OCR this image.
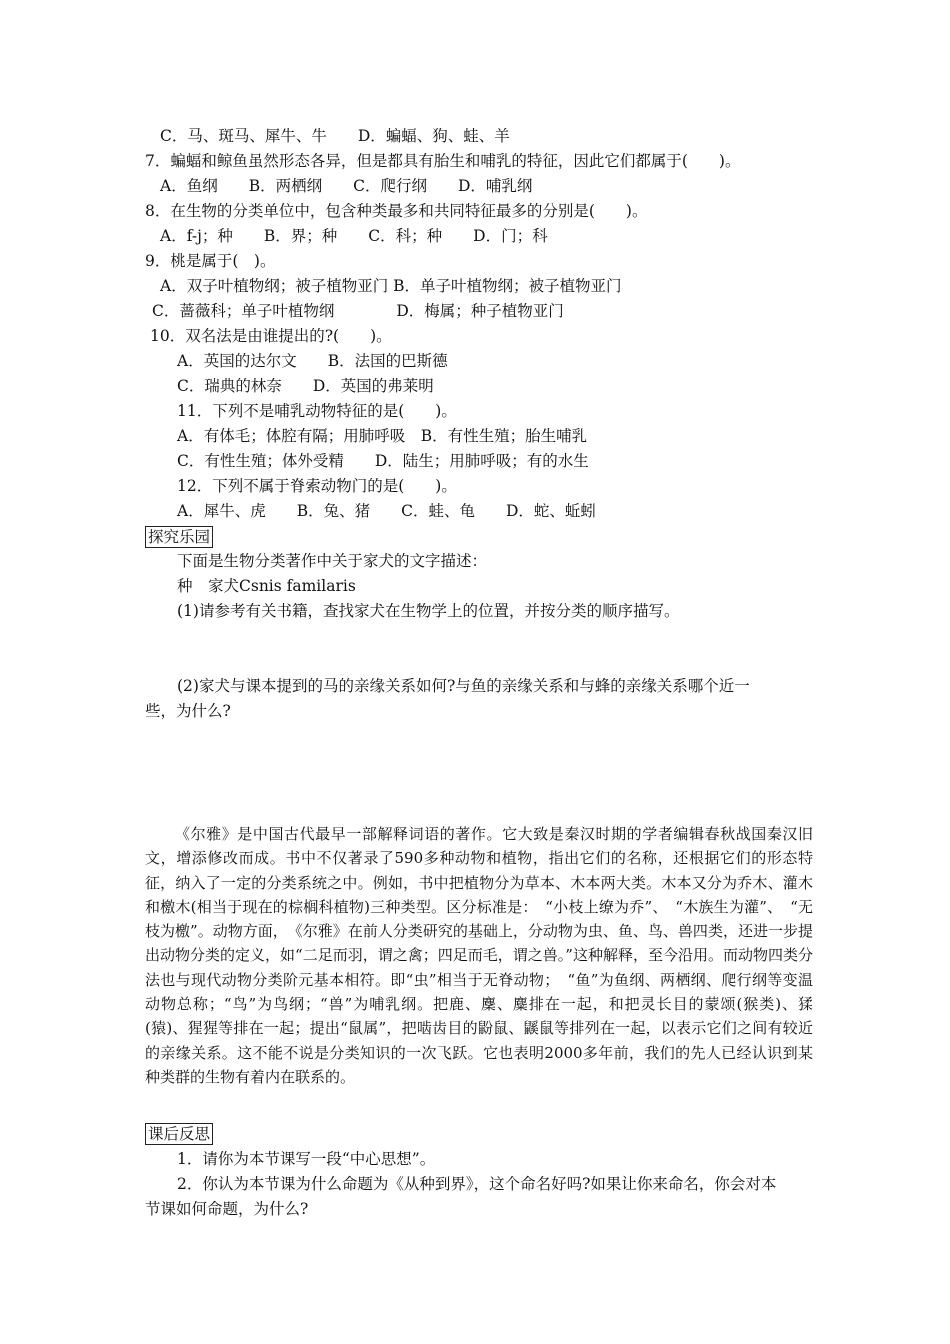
C．马、斑马、犀牛、牛　　D．蝙蝠、狗、蛙、羊
7．蝙蝠和鲸鱼虽然形态各异，但是都具有胎生和哺乳的特征，因此它们都属于(　　)。
A．鱼纲　　B．两栖纲　　C．爬行纲　　D．哺乳纲
8．在生物的分类单位中，包含种类最多和共同特征最多的分别是(　　)。
A．f-j；种　　B．界；种　　C．科；种　　D．门；科
9．桃是属于(　)。
A．双子叶植物纲；被子植物亚门 B．单子叶植物纲；被子植物亚门
C．蔷薇科；单子叶植物纲　　　　D．梅属；种子植物亚门
10．双名法是由谁提出的?(　　)。
A．英国的达尔文　　B．法国的巴斯德
C．瑞典的林奈　　D．英国的弗莱明
11．下列不是哺乳动物特征的是(　　)。
A．有体毛；体腔有隔；用肺呼吸　B．有性生殖；胎生哺乳
C．有性生殖；体外受精　　D．陆生；用肺呼吸；有的水生
12．下列不属于脊索动物门的是(　　)。
A．犀牛、虎　　B．兔、猪　　C．蛙、龟　　D．蛇、蚯蚓
探究乐园
下面是生物分类著作中关于家犬的文字描述：
种　家犬Csnis familaris
(1)请参考有关书籍，查找家犬在生物学上的位置，并按分类的顺序描写。
(2)家犬与课本提到的马的亲缘关系如何?与鱼的亲缘关系和与蜂的亲缘关系哪个近一
些，为什么?
《尔雅》是中国古代最早一部解释词语的著作。它大致是秦汉时期的学者编辑春秋战国秦汉旧文，增添修改而成。书中不仅著录了590多种动物和植物，指出它们的名称，还根据它们的形态特征，纳入了一定的分类系统之中。例如，书中把植物分为草本、木本两大类。木本又分为乔木、灌木和檄木(相当于现在的棕榈科植物)三种类型。区分标准是：　“小枝上缭为乔”、　“木族生为灌”、　“无枝为檄”。动物方面，　《尔雅》在前人分类研究的基础上，分动物为虫、鱼、鸟、兽四类，还进一步提出动物分类的定义，如“二足而羽，谓之禽；四足而毛，谓之兽。”这种解释，至今沿用。而动物四类分法也与现代动物分类阶元基本相符。即“虫”相当于无脊动物；　“鱼”为鱼纲、两栖纲、爬行纲等变温动物总称；“鸟”为鸟纲；“兽”为哺乳纲。把鹿、麇、麋排在一起，和把灵长目的蒙颂(猴类)、猱(猿)、猩猩等排在一起；提出“鼠属”，把啮齿目的鼢鼠、鼷鼠等排列在一起，以表示它们之间有较近的亲缘关系。这不能不说是分类知识的一次飞跃。它也表明2000多年前，我们的先人已经认识到某种类群的生物有着内在联系的。
课后反思
1．请你为本节课写一段“中心思想”。
2．你认为本节课为什么命题为《从种到界》，这个命名好吗?如果让你来命名，你会对本
节课如何命题，为什么?
